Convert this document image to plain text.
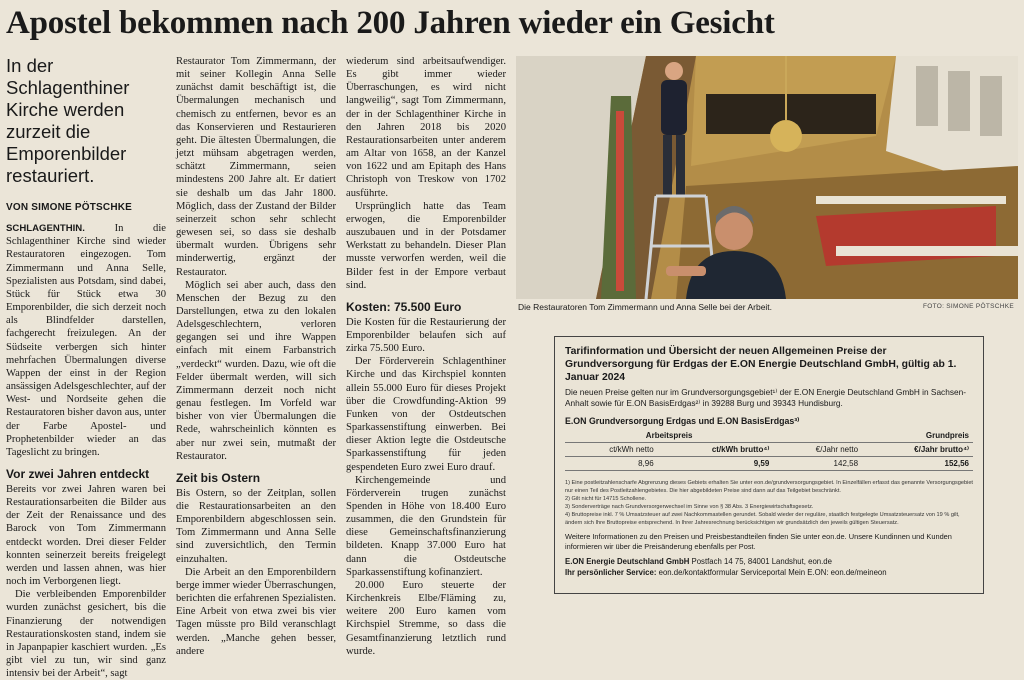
Apostel bekommen nach 200 Jahren wieder ein Gesicht
In der Schlagenthiner Kirche werden zurzeit die Emporenbilder restauriert.
VON SIMONE PÖTSCHKE

SCHLAGENTHIN.	In die Schlagenthiner Kirche sind wieder Restauratoren eingezogen. Tom Zimmermann und Anna Selle, Spezialisten aus Potsdam, sind dabei, Stück für Stück etwa 30 Emporenbilder, die sich derzeit noch als Blindfelder darstellen, fachgerecht freizulegen. An der Südseite verbergen sich hinter mehrfachen Übermalungen diverse Wappen der einst in der Region ansässigen Adelsgeschlechter, auf der West- und Nordseite gehen die Restauratoren bisher davon aus, unter der Farbe Apostel- und Prophetenbilder wieder an das Tageslicht zu bringen.

Vor zwei Jahren entdeckt

Bereits vor zwei Jahren waren bei Restaurationsarbeiten die Bilder aus der Zeit der Renaissance und des Barock von Tom Zimmermann entdeckt worden. Drei dieser Felder konnten seinerzeit bereits freigelegt werden und lassen ahnen, was hier noch im Verborgenen liegt.

Die verbleibenden Emporenbilder wurden zunächst gesichert, bis die Finanzierung der notwendigen Restaurationskosten stand, indem sie in Japanpapier kaschiert wurden. „Es gibt viel zu tun, wir sind ganz intensiv bei der Arbeit“, sagt

Restaurator Tom Zimmermann, der mit seiner Kollegin Anna Selle zunächst damit beschäftigt ist, die Übermalungen mechanisch und chemisch zu entfernen, bevor es an das Konservieren und Restaurieren geht. Die ältesten Übermalungen, die jetzt mühsam abgetragen werden, schätzt Zimmermann, seien mindestens 200 Jahre alt. Er datiert sie deshalb um das Jahr 1800. Möglich, dass der Zustand der Bilder seinerzeit schon sehr schlecht gewesen sei, so dass sie deshalb übermalt wurden. Übrigens sehr minderwertig, ergänzt der Restaurator.

Möglich sei aber auch, dass den Menschen der Bezug zu den Darstellungen, etwa zu den lokalen Adelsgeschlechtern, verloren gegangen sei und ihre Wappen einfach mit einem Farbanstrich „verdeckt“ wurden. Dazu, wie oft die Felder übermalt werden, will sich Zimmermann derzeit noch nicht genau festlegen. Im Vorfeld war bisher von vier Übermalungen die Rede, wahrscheinlich könnten es aber nur zwei sein, mutmaßt der Restaurator.

Zeit bis Ostern

Bis Ostern, so der Zeitplan, sollen die Restaurationsarbeiten an den Emporenbildern abgeschlossen sein. Tom Zimmermann und Anna Selle sind zuversichtlich, den Termin einzuhalten.

Die Arbeit an den Emporenbildern berge immer wieder Überraschungen, berichten die erfahrenen Spezialisten. Eine Arbeit von etwa zwei bis vier Tagen müsste pro Bild veranschlagt werden. „Manche gehen besser, andere

wiederum sind arbeitsaufwendiger. Es gibt immer wieder Überraschungen, es wird nicht langweilig“, sagt Tom Zimmermann, der in der Schlagenthiner Kirche in den Jahren 2018 bis 2020 Restaurationsarbeiten unter anderem am Altar von 1658, an der Kanzel von 1622 und am Epitaph des Hans Christoph von Treskow von 1702 ausführte.

Ursprünglich hatte das Team erwogen, die Emporenbilder auszubauen und in der Potsdamer Werkstatt zu behandeln. Dieser Plan musste verworfen werden, weil die Bilder fest in der Empore verbaut sind.

Kosten: 75.500 Euro

Die Kosten für die Restaurierung der Emporenbilder belaufen sich auf zirka 75.500 Euro.

Der Förderverein Schlagenthiner Kirche und das Kirchspiel konnten allein 55.000 Euro für dieses Projekt über die Crowdfunding-Aktion 99 Funken von der Ostdeutschen Sparkassenstiftung einwerben. Bei dieser Aktion legte die Ostdeutsche Sparkassenstiftung für jeden gespendeten Euro zwei Euro drauf.

Kirchengemeinde und Förderverein trugen zunächst Spenden in Höhe von 18.400 Euro zusammen, die den Grundstein für diese Gemeinschaftsfinanzierung bildeten. Knapp 37.000 Euro hat dann die Ostdeutsche Sparkassenstiftung kofinanziert.

20.000 Euro steuerte der Kirchenkreis Elbe/Fläming zu, weitere 200 Euro kamen vom Kirchspiel Stremme, so dass die Gesamtfinanzierung letztlich rund wurde.

Die Restauratoren Tom Zimmermann und Anna Selle bei der Arbeit.	FOTO: SIMONE PÖTSCHKE
Tarifinformation und Übersicht der neuen Allgemeinen Preise der Grundversorgung für Erdgas der E.ON Energie Deutschland GmbH, gültig ab 1. Januar 2024
Die neuen Preise gelten nur im Grundversorgungsgebiet¹⁾ der E.ON Energie Deutschland GmbH in Sachsen-Anhalt sowie für E.ON BasisErdgas²⁾ in 39288 Burg und 39343 Hundisburg.
E.ON Grundversorgung Erdgas und E.ON BasisErdgas³⁾
Arbeitspreis		Grundpreis	
ct/kWh netto	ct/kWh brutto⁴⁾	€/Jahr netto	€/Jahr brutto⁴⁾
8,96	9,59	142,58	152,56
1) Eine postleitzahlenscharfe Abgrenzung dieses Gebiets erhalten Sie unter eon.de/grundversorgungsgebiet. In Einzelfällen erfasst das genannte Versorgungsgebiet nur einen Teil des Postleitzahlengebietes. Die hier abgebildeten Preise sind dann auf das Teilgebiet beschränkt.
2) Gilt nicht für 14715 Schollene.
3) Sonderverträge nach Grundversorgerwechsel im Sinne von § 38 Abs. 3 Energiewirtschaftsgesetz.
4) Bruttopreise inkl. 7 % Umsatzsteuer auf zwei Nachkommastellen gerundet. Sobald wieder der reguläre, staatlich festgelegte Umsatzsteuersatz von 19 % gilt, ändern sich Ihre Bruttopreise entsprechend. In Ihrer Jahresrechnung berücksichtigen wir grundsätzlich den jeweils gültigen Steuersatz.
Weitere Informationen zu den Preisen und Preisbestandteilen finden Sie unter eon.de. Unsere Kundinnen und Kunden informieren wir über die Preisänderung ebenfalls per Post.
E.ON Energie Deutschland GmbH Postfach 14 75, 84001 Landshut, eon.de
Ihr persönlicher Service: eon.de/kontaktformular Serviceportal Mein E.ON: eon.de/meineon
